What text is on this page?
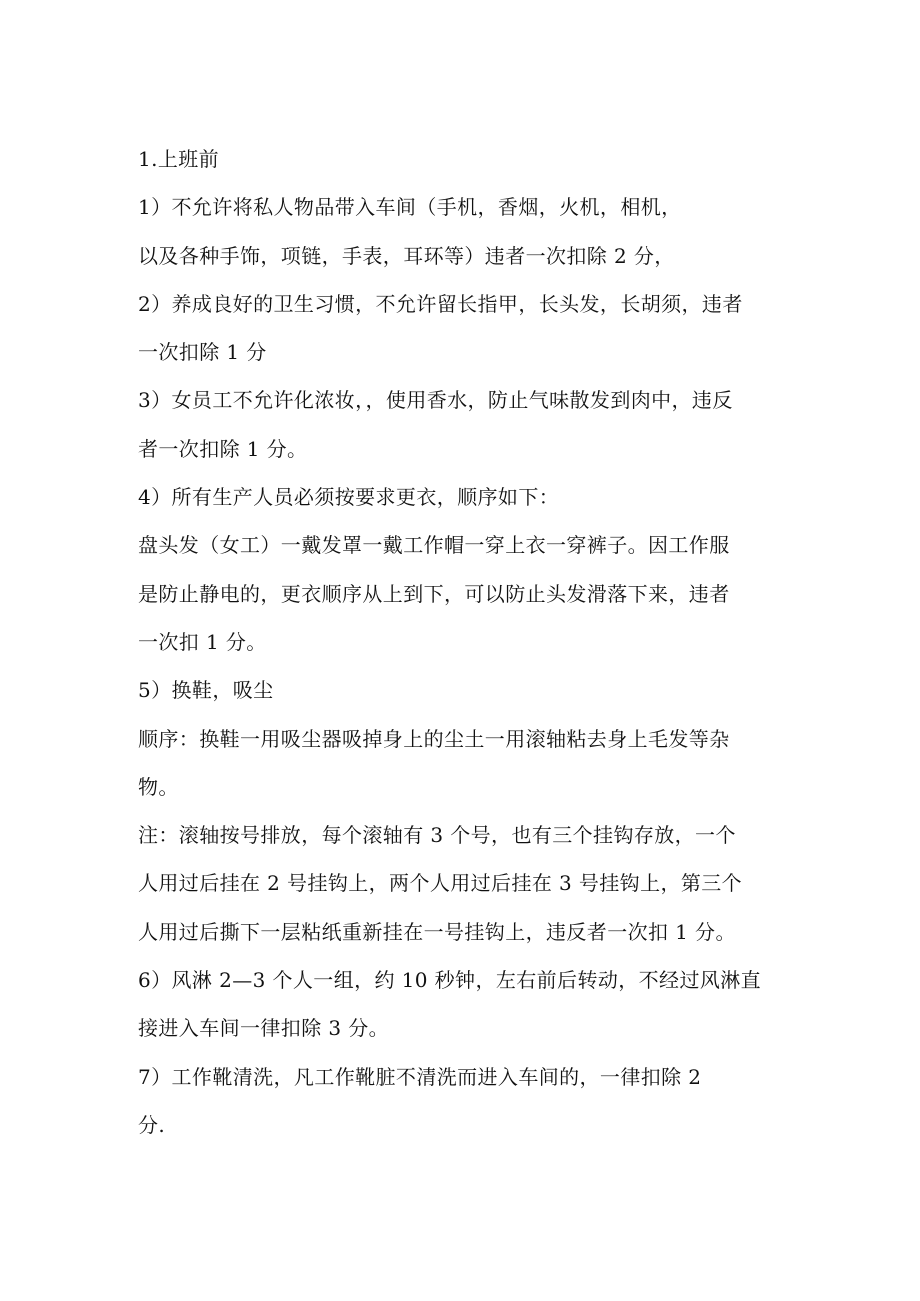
1.上班前
1）不允许将私人物品带入车间（手机，香烟，火机，相机，
以及各种手饰，项链，手表，耳环等）违者一次扣除 2 分，
2）养成良好的卫生习惯，不允许留长指甲，长头发，长胡须，违者
一次扣除 1 分
3）女员工不允许化浓妆，，使用香水，防止气味散发到肉中，违反
者一次扣除 1 分。
4）所有生产人员必须按要求更衣，顺序如下：
盘头发（女工）一戴发罩一戴工作帽一穿上衣一穿裤子。因工作服
是防止静电的，更衣顺序从上到下，可以防止头发滑落下来，违者
一次扣 1 分。
5）换鞋，吸尘
顺序：换鞋一用吸尘器吸掉身上的尘土一用滚轴粘去身上毛发等杂
物。
注：滚轴按号排放，每个滚轴有 3 个号，也有三个挂钩存放，一个
人用过后挂在 2 号挂钩上，两个人用过后挂在 3 号挂钩上，第三个
人用过后撕下一层粘纸重新挂在一号挂钩上，违反者一次扣 1 分。
6）风淋 2—3 个人一组，约 10 秒钟，左右前后转动，不经过风淋直
接进入车间一律扣除 3 分。
7）工作靴清洗，凡工作靴脏不清洗而进入车间的，一律扣除 2
分.
